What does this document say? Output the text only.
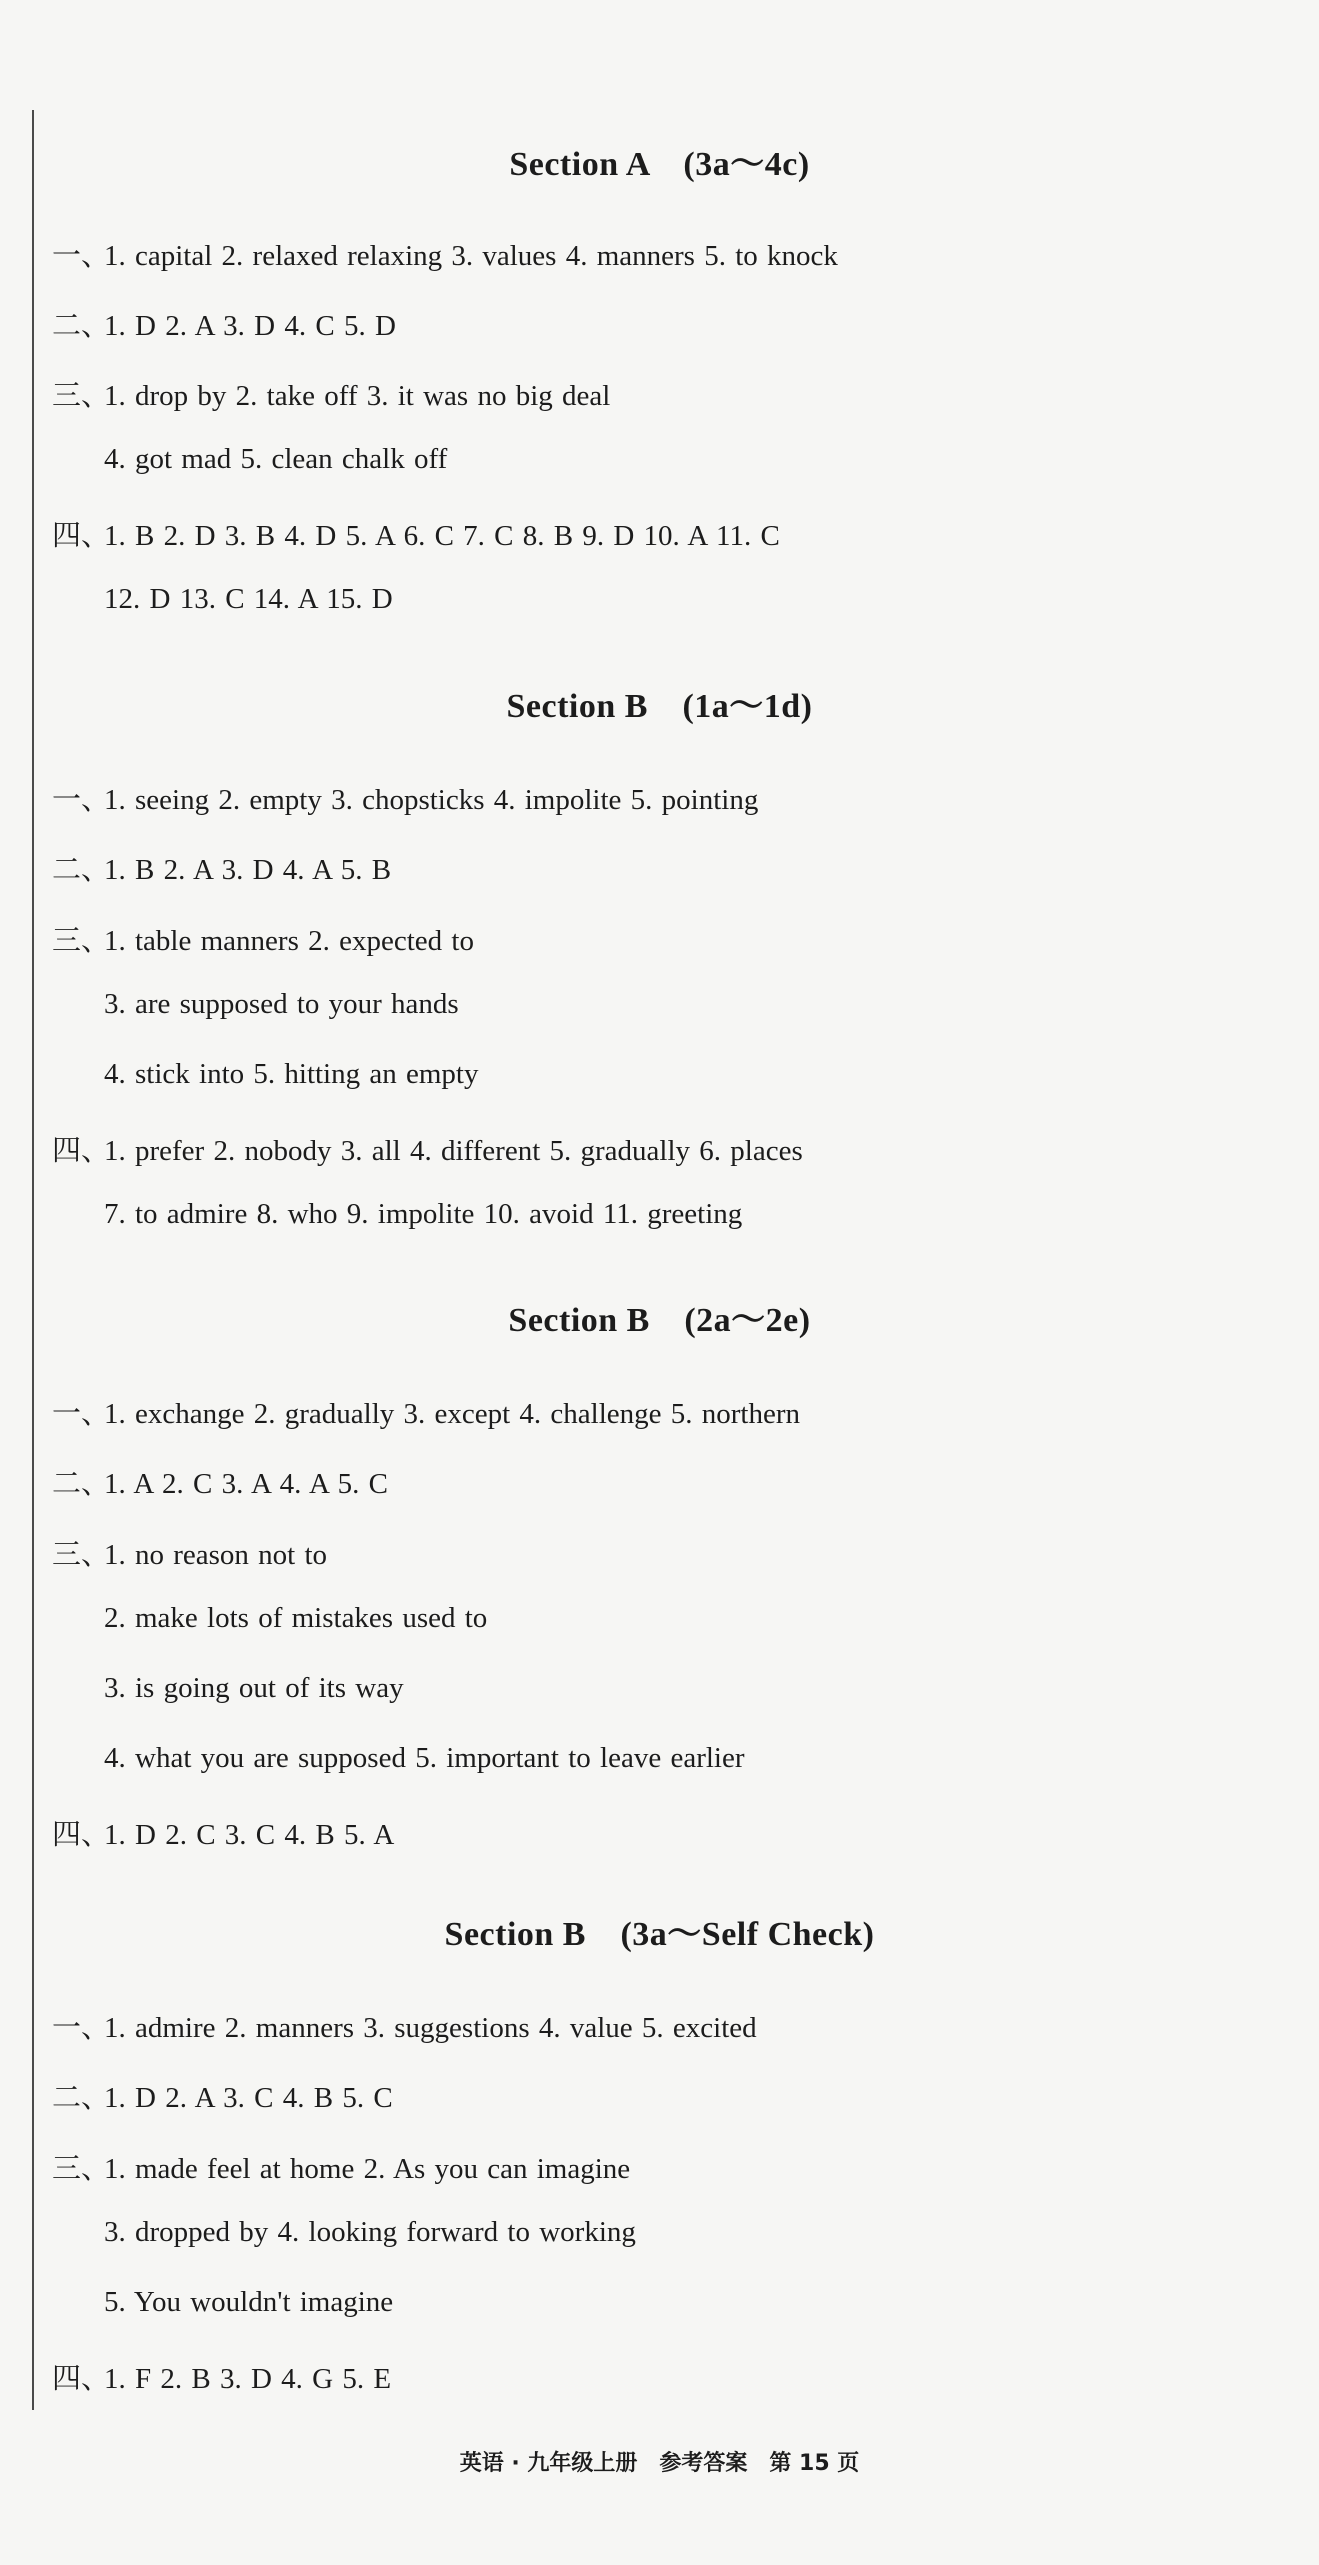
Section A　(3a～4c)
一、1. capital 2. relaxed relaxing 3. values 4. manners 5. to knock
二、1. D 2. A 3. D 4. C 5. D
三、1. drop by 2. take off 3. it was no big deal
4. got mad 5. clean chalk off
四、1. B 2. D 3. B 4. D 5. A 6. C 7. C 8. B 9. D 10. A 11. C
12. D 13. C 14. A 15. D
Section B　(1a～1d)
一、1. seeing 2. empty 3. chopsticks 4. impolite 5. pointing
二、1. B 2. A 3. D 4. A 5. B
三、1. table manners 2. expected to
3. are supposed to your hands
4. stick into 5. hitting an empty
四、1. prefer 2. nobody 3. all 4. different 5. gradually 6. places
7. to admire 8. who 9. impolite 10. avoid 11. greeting
Section B　(2a～2e)
一、1. exchange 2. gradually 3. except 4. challenge 5. northern
二、1. A 2. C 3. A 4. A 5. C
三、1. no reason not to
2. make lots of mistakes used to
3. is going out of its way
4. what you are supposed 5. important to leave earlier
四、1. D 2. C 3. C 4. B 5. A
Section B　(3a～Self Check)
一、1. admire 2. manners 3. suggestions 4. value 5. excited
二、1. D 2. A 3. C 4. B 5. C
三、1. made feel at home 2. As you can imagine
3. dropped by 4. looking forward to working
5. You wouldn't imagine
四、1. F 2. B 3. D 4. G 5. E
英语 · 九年级上册　参考答案　第 15 页
